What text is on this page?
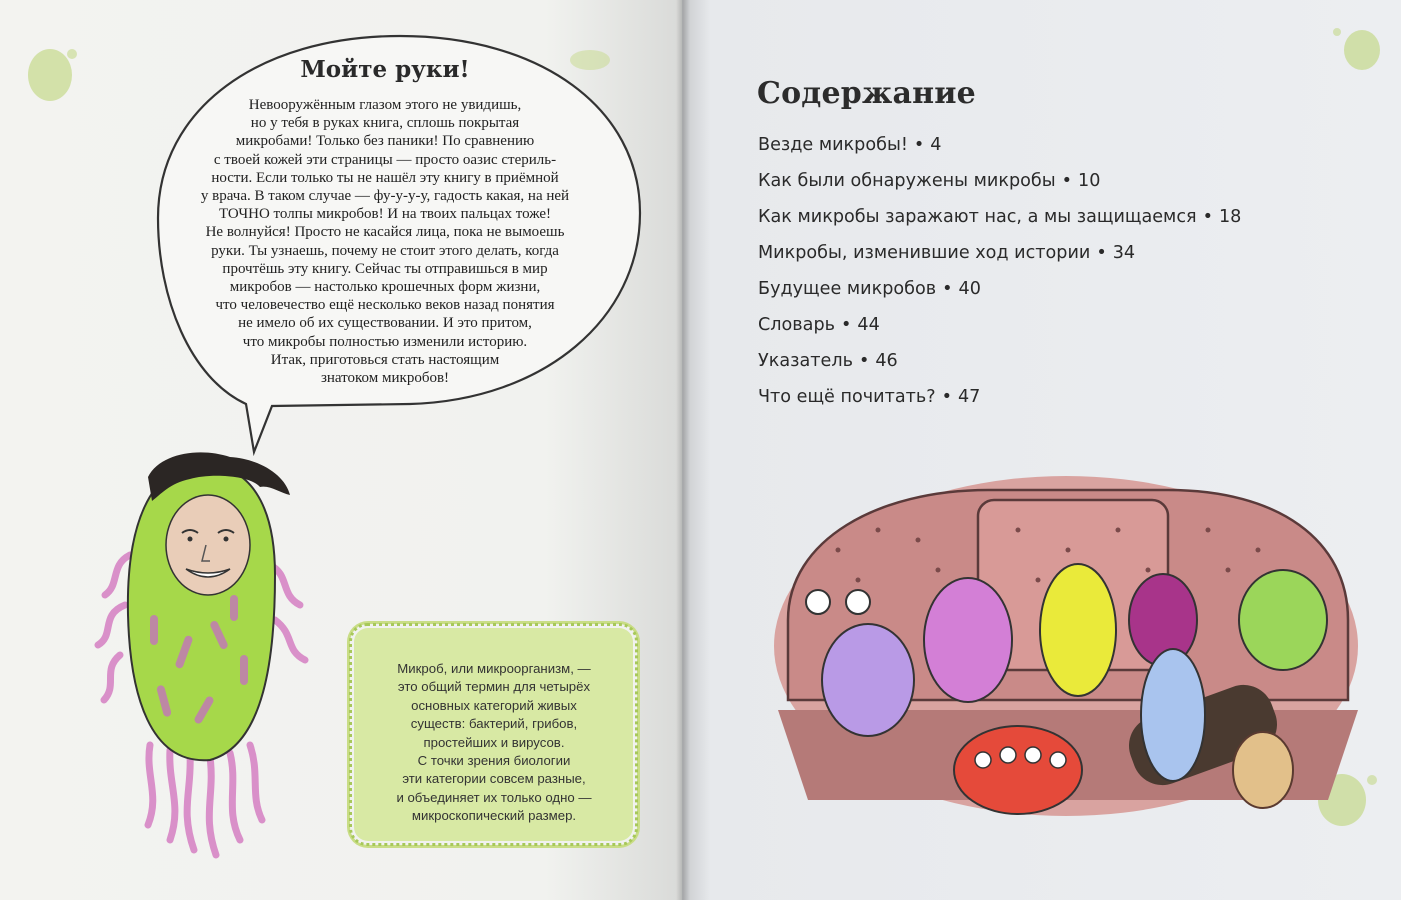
Мойте руки!

Невооружённым глазом этого не увидишь,
но у тебя в руках книга, сплошь покрытая
микробами! Только без паники! По сравнению
с твоей кожей эти страницы — просто оазис стериль-
ности. Если только ты не нашёл эту книгу в приёмной
у врача. В таком случае — фу-у-у-у, гадость какая, на ней
ТОЧНО толпы микробов! И на твоих пальцах тоже!
Не волнуйся! Просто не касайся лица, пока не вымоешь
руки. Ты узнаешь, почему не стоит этого делать, когда
прочтёшь эту книгу. Сейчас ты отправишься в мир
микробов — настолько крошечных форм жизни,
что человечество ещё несколько веков назад понятия
не имело об их существовании. И это притом,
что микробы полностью изменили историю.
Итак, приготовься стать настоящим
знатоком микробов!

Микроб, или микроорганизм, —
это общий термин для четырёх
основных категорий живых
существ: бактерий, грибов,
простейших и вирусов.
С точки зрения биологии
эти категории совсем разные,
и объединяет их только одно —
микроскопический размер.

Содержание
Везде микробы! • 4
Как были обнаружены микробы • 10
Как микробы заражают нас, а мы защищаемся • 18
Микробы, изменившие ход истории • 34
Будущее микробов • 40
Словарь • 44
Указатель • 46
Что ещё почитать? • 47
